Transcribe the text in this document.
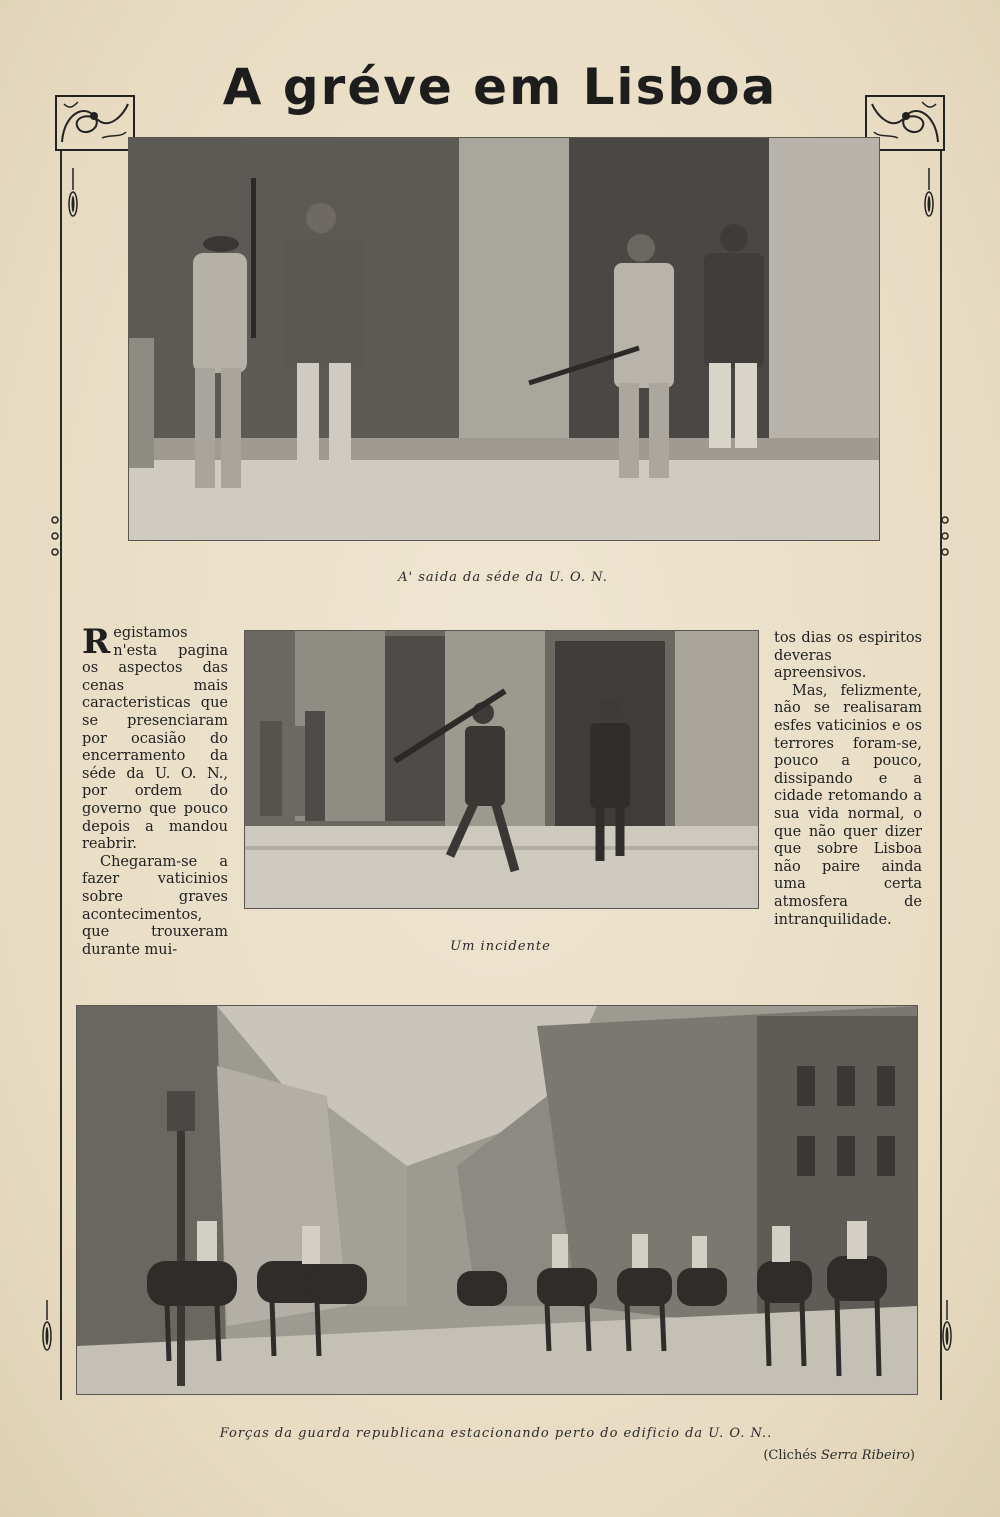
A gréve em Lisboa

A' saida da séde da U. O. N.

Registamos n'esta pagina os aspectos das cenas mais caracteristicas que se presenciaram por ocasião do encerramento da séde da U. O. N., por ordem do governo que pouco depois a mandou reabrir.

Chegaram-se a fazer vaticinios sobre graves acontecimentos, que trouxeram durante mui-	Um incidente

tos dias os espiritos deveras apreensivos.

Mas, felizmente, não se realisaram esfes vaticinios e os terrores foram-se, pouco a pouco, dissipando e a cidade retomando a sua vida normal, o que não quer dizer que sobre Lisboa não paire ainda uma certa atmosfera de intranquilidade.

Forças da guarda republicana estacionando perto do edificio da U. O. N..

(Clichés Serra Ribeiro)
